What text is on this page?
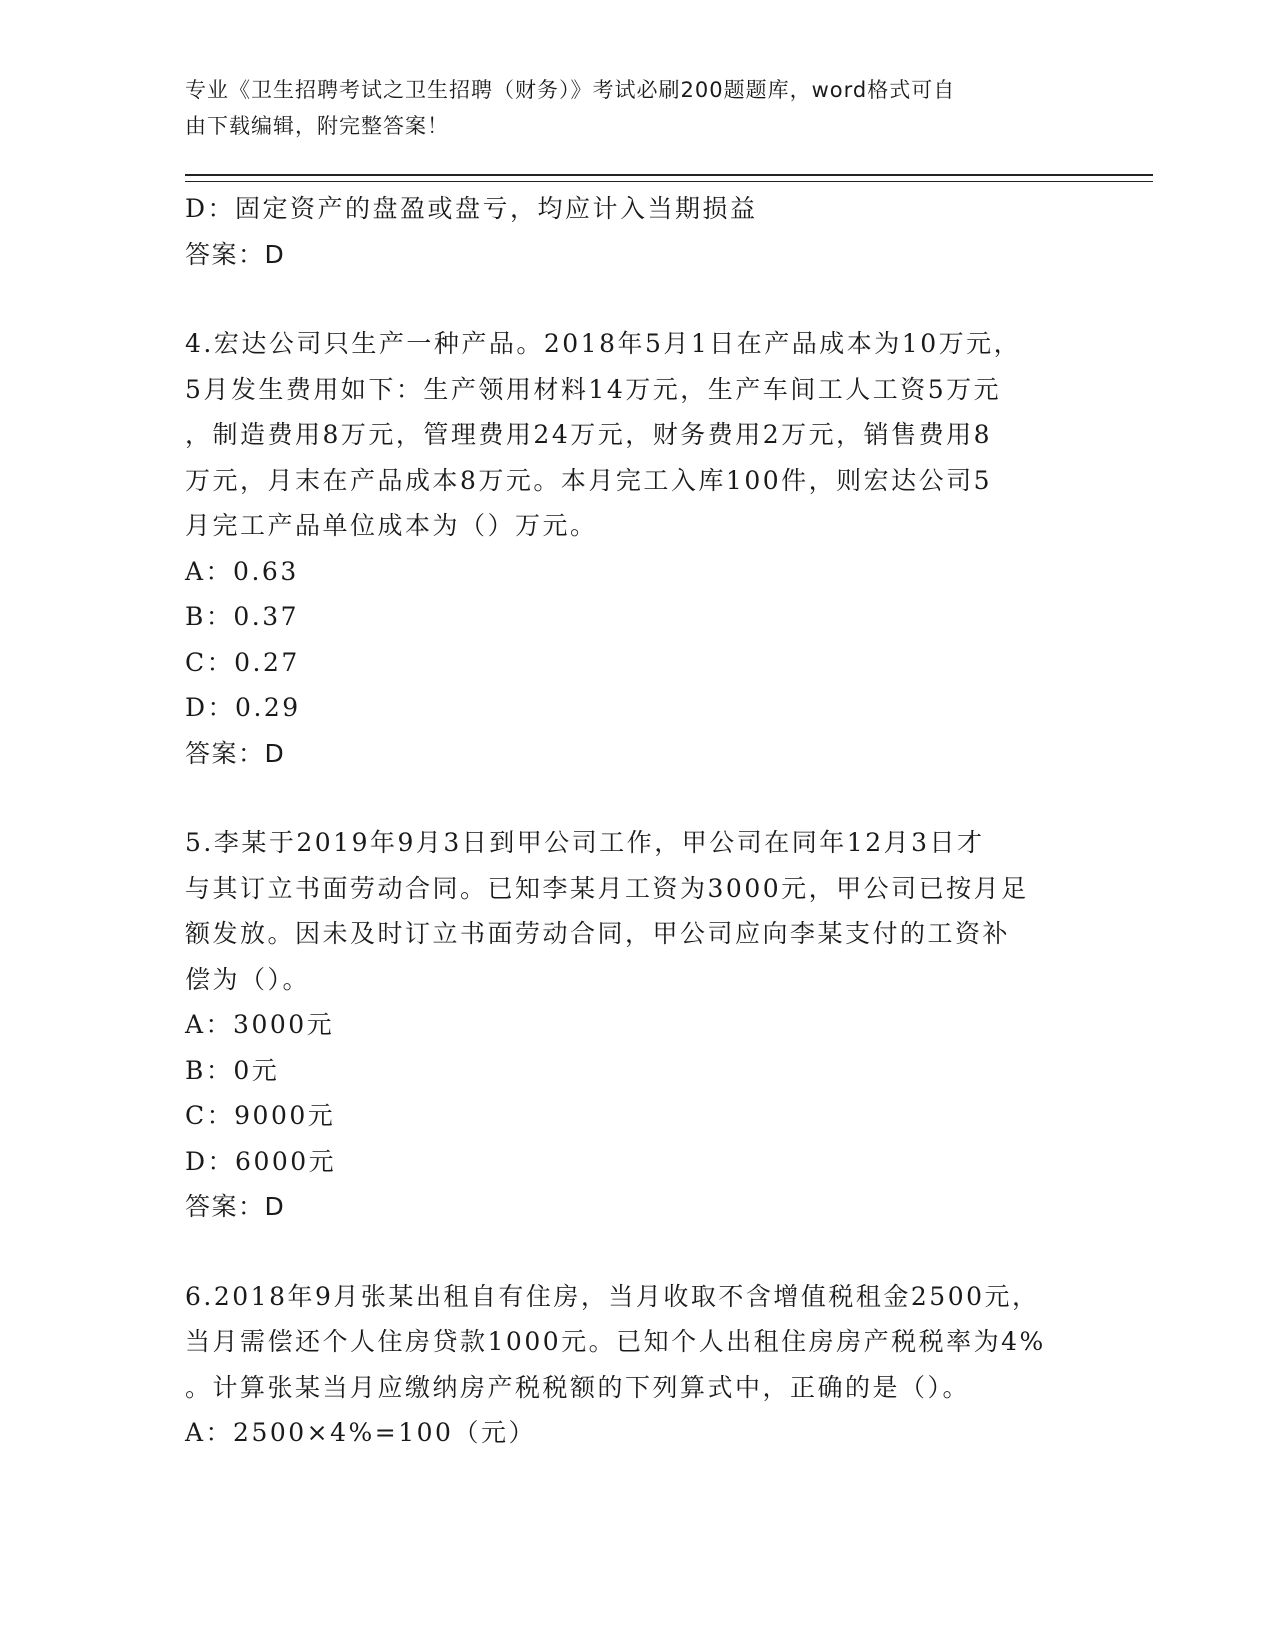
专业《卫生招聘考试之卫生招聘（财务）》考试必刷200题题库，word格式可自
由下载编辑，附完整答案！
D：固定资产的盘盈或盘亏，均应计入当期损益
答案：D
4.宏达公司只生产一种产品。2018年5月1日在产品成本为10万元，
5月发生费用如下：生产领用材料14万元，生产车间工人工资5万元
，制造费用8万元，管理费用24万元，财务费用2万元，销售费用8
万元，月末在产品成本8万元。本月完工入库100件，则宏达公司5
月完工产品单位成本为（）万元。
A：0.63
B：0.37
C：0.27
D：0.29
答案：D
5.李某于2019年9月3日到甲公司工作，甲公司在同年12月3日才
与其订立书面劳动合同。已知李某月工资为3000元，甲公司已按月足
额发放。因未及时订立书面劳动合同，甲公司应向李某支付的工资补
偿为（）。
A：3000元
B：0元
C：9000元
D：6000元
答案：D
6.2018年9月张某出租自有住房，当月收取不含增值税租金2500元，
当月需偿还个人住房贷款1000元。已知个人出租住房房产税税率为4%
。计算张某当月应缴纳房产税税额的下列算式中，正确的是（）。
A：2500×4%=100（元）
